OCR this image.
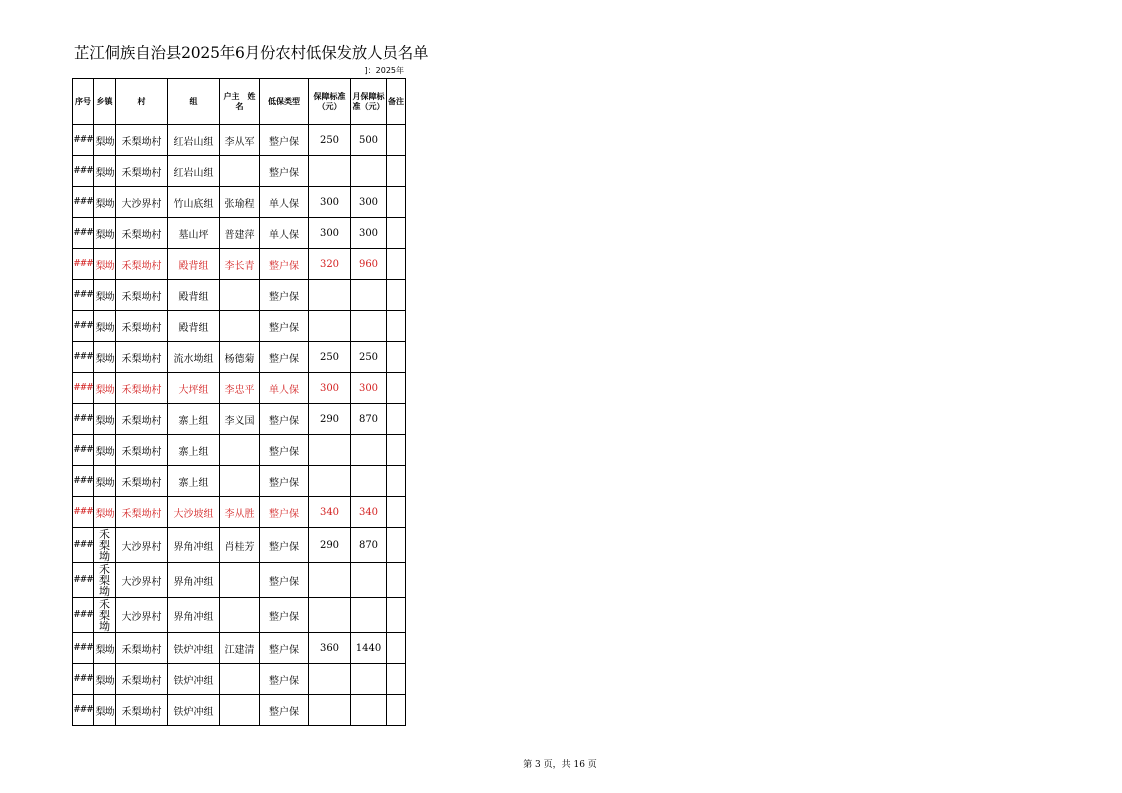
芷江侗族自治县2025年6月份农村低保发放人员名单
]：2025年
序号	乡镇	村	组	户主　姓名	低保类型	保障标准（元）	月保障标准（元）	备注
###	梨坳	禾梨坳村	红岩山组	李从军	整户保	250	500	
###	梨坳	禾梨坳村	红岩山组		整户保			
###	梨坳	大沙界村	竹山底组	张瑜程	单人保	300	300	
###	梨坳	禾梨坳村	墓山坪	普建萍	单人保	300	300	
###	梨坳	禾梨坳村	殿背组	李长青	整户保	320	960	
###	梨坳	禾梨坳村	殿背组		整户保			
###	梨坳	禾梨坳村	殿背组		整户保			
###	梨坳	禾梨坳村	流水坳组	杨德菊	整户保	250	250	
###	梨坳	禾梨坳村	大坪组	李忠平	单人保	300	300	
###	梨坳	禾梨坳村	寨上组	李义国	整户保	290	870	
###	梨坳	禾梨坳村	寨上组		整户保			
###	梨坳	禾梨坳村	寨上组		整户保			
###	梨坳	禾梨坳村	大沙坡组	李从胜	整户保	340	340	
###	禾梨坳	大沙界村	界角冲组	肖桂芳	整户保	290	870	
###	禾梨坳	大沙界村	界角冲组		整户保			
###	禾梨坳	大沙界村	界角冲组		整户保			
###	梨坳	禾梨坳村	铁炉冲组	江建清	整户保	360	1440	
###	梨坳	禾梨坳村	铁炉冲组		整户保			
###	梨坳	禾梨坳村	铁炉冲组		整户保			
第 3 页，共 16 页
